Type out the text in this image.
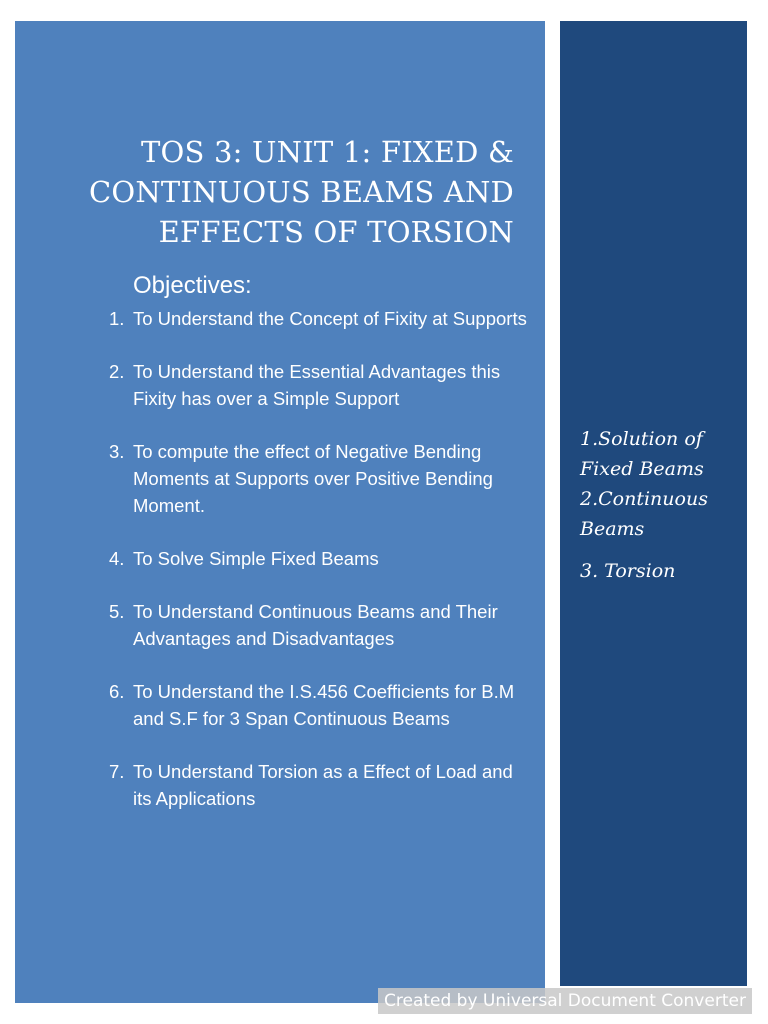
TOS 3: UNIT 1: FIXED &
CONTINUOUS BEAMS AND
EFFECTS OF TORSION
Objectives:
1. To Understand the Concept of Fixity at Supports
2. To Understand the Essential Advantages this Fixity has over a Simple Support
3. To compute the effect of Negative Bending Moments at Supports over Positive Bending Moment.
4. To Solve Simple Fixed Beams
5. To Understand Continuous Beams and Their Advantages and Disadvantages
6. To Understand the I.S.456 Coefficients for B.M and S.F for 3 Span Continuous Beams
7. To Understand Torsion as a Effect of Load and its Applications
1.Solution of Fixed Beams
2.Continuous Beams
3. Torsion
Created by Universal Document Converter
